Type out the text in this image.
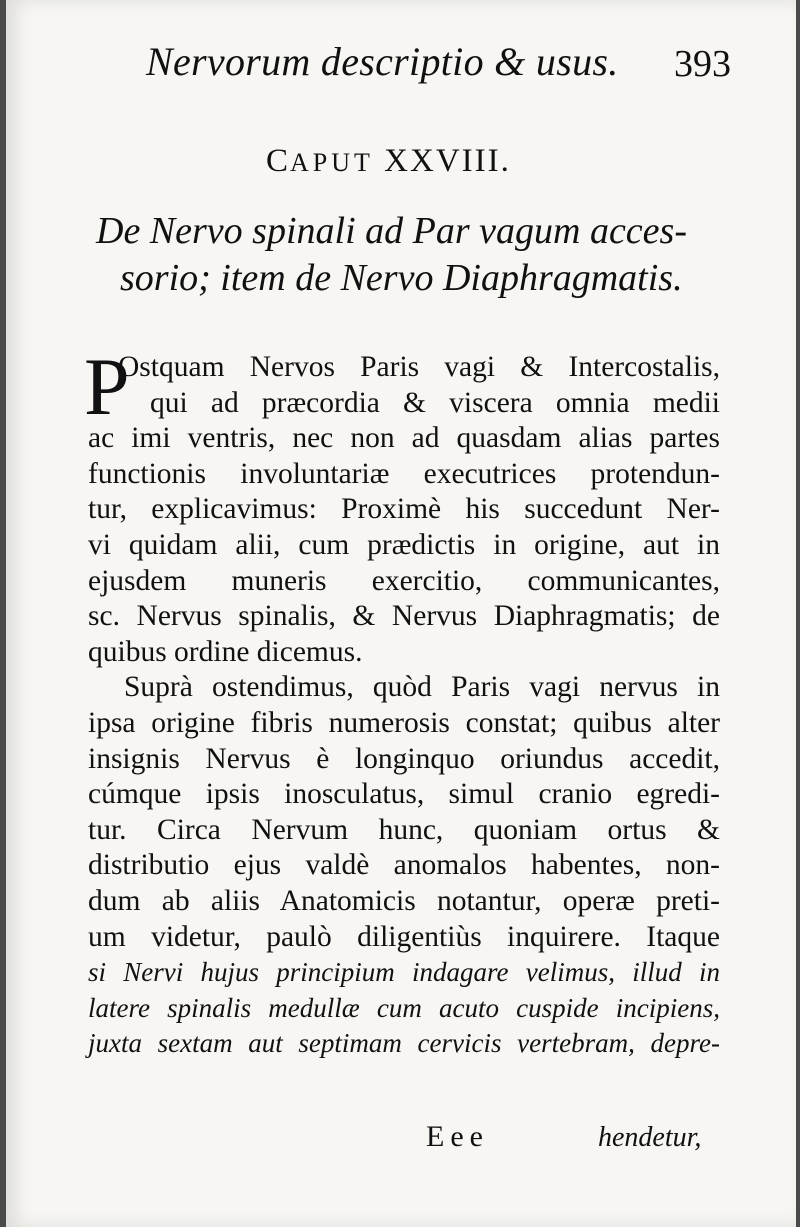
Nervorum descriptio & usus. 393
CAPUT XXVIII.
De Nervo spinali ad Par vagum acces-
sorio; item de Nervo Diaphragmatis.
P
Ostquam Nervos Paris vagi & Intercostalis,
qui ad præcordia & viscera omnia medii
ac imi ventris, nec non ad quasdam alias partes
functionis involuntariæ executrices protendun-
tur, explicavimus: Proximè his succedunt Ner-
vi quidam alii, cum prædictis in origine, aut in
ejusdem muneris exercitio, communicantes,
sc. Nervus spinalis, & Nervus Diaphragmatis; de
quibus ordine dicemus.
Suprà ostendimus, quòd Paris vagi nervus in
ipsa origine fibris numerosis constat; quibus alter
insignis Nervus è longinquo oriundus accedit,
cúmque ipsis inosculatus, simul cranio egredi-
tur. Circa Nervum hunc, quoniam ortus &
distributio ejus valdè anomalos habentes, non-
dum ab aliis Anatomicis notantur, operæ preti-
um videtur, paulò diligentiùs inquirere. Itaque
si Nervi hujus principium indagare velimus, illud in
latere spinalis medullæ cum acuto cuspide incipiens,
juxta sextam aut septimam cervicis vertebram, depre-
Eee	hendetur,
